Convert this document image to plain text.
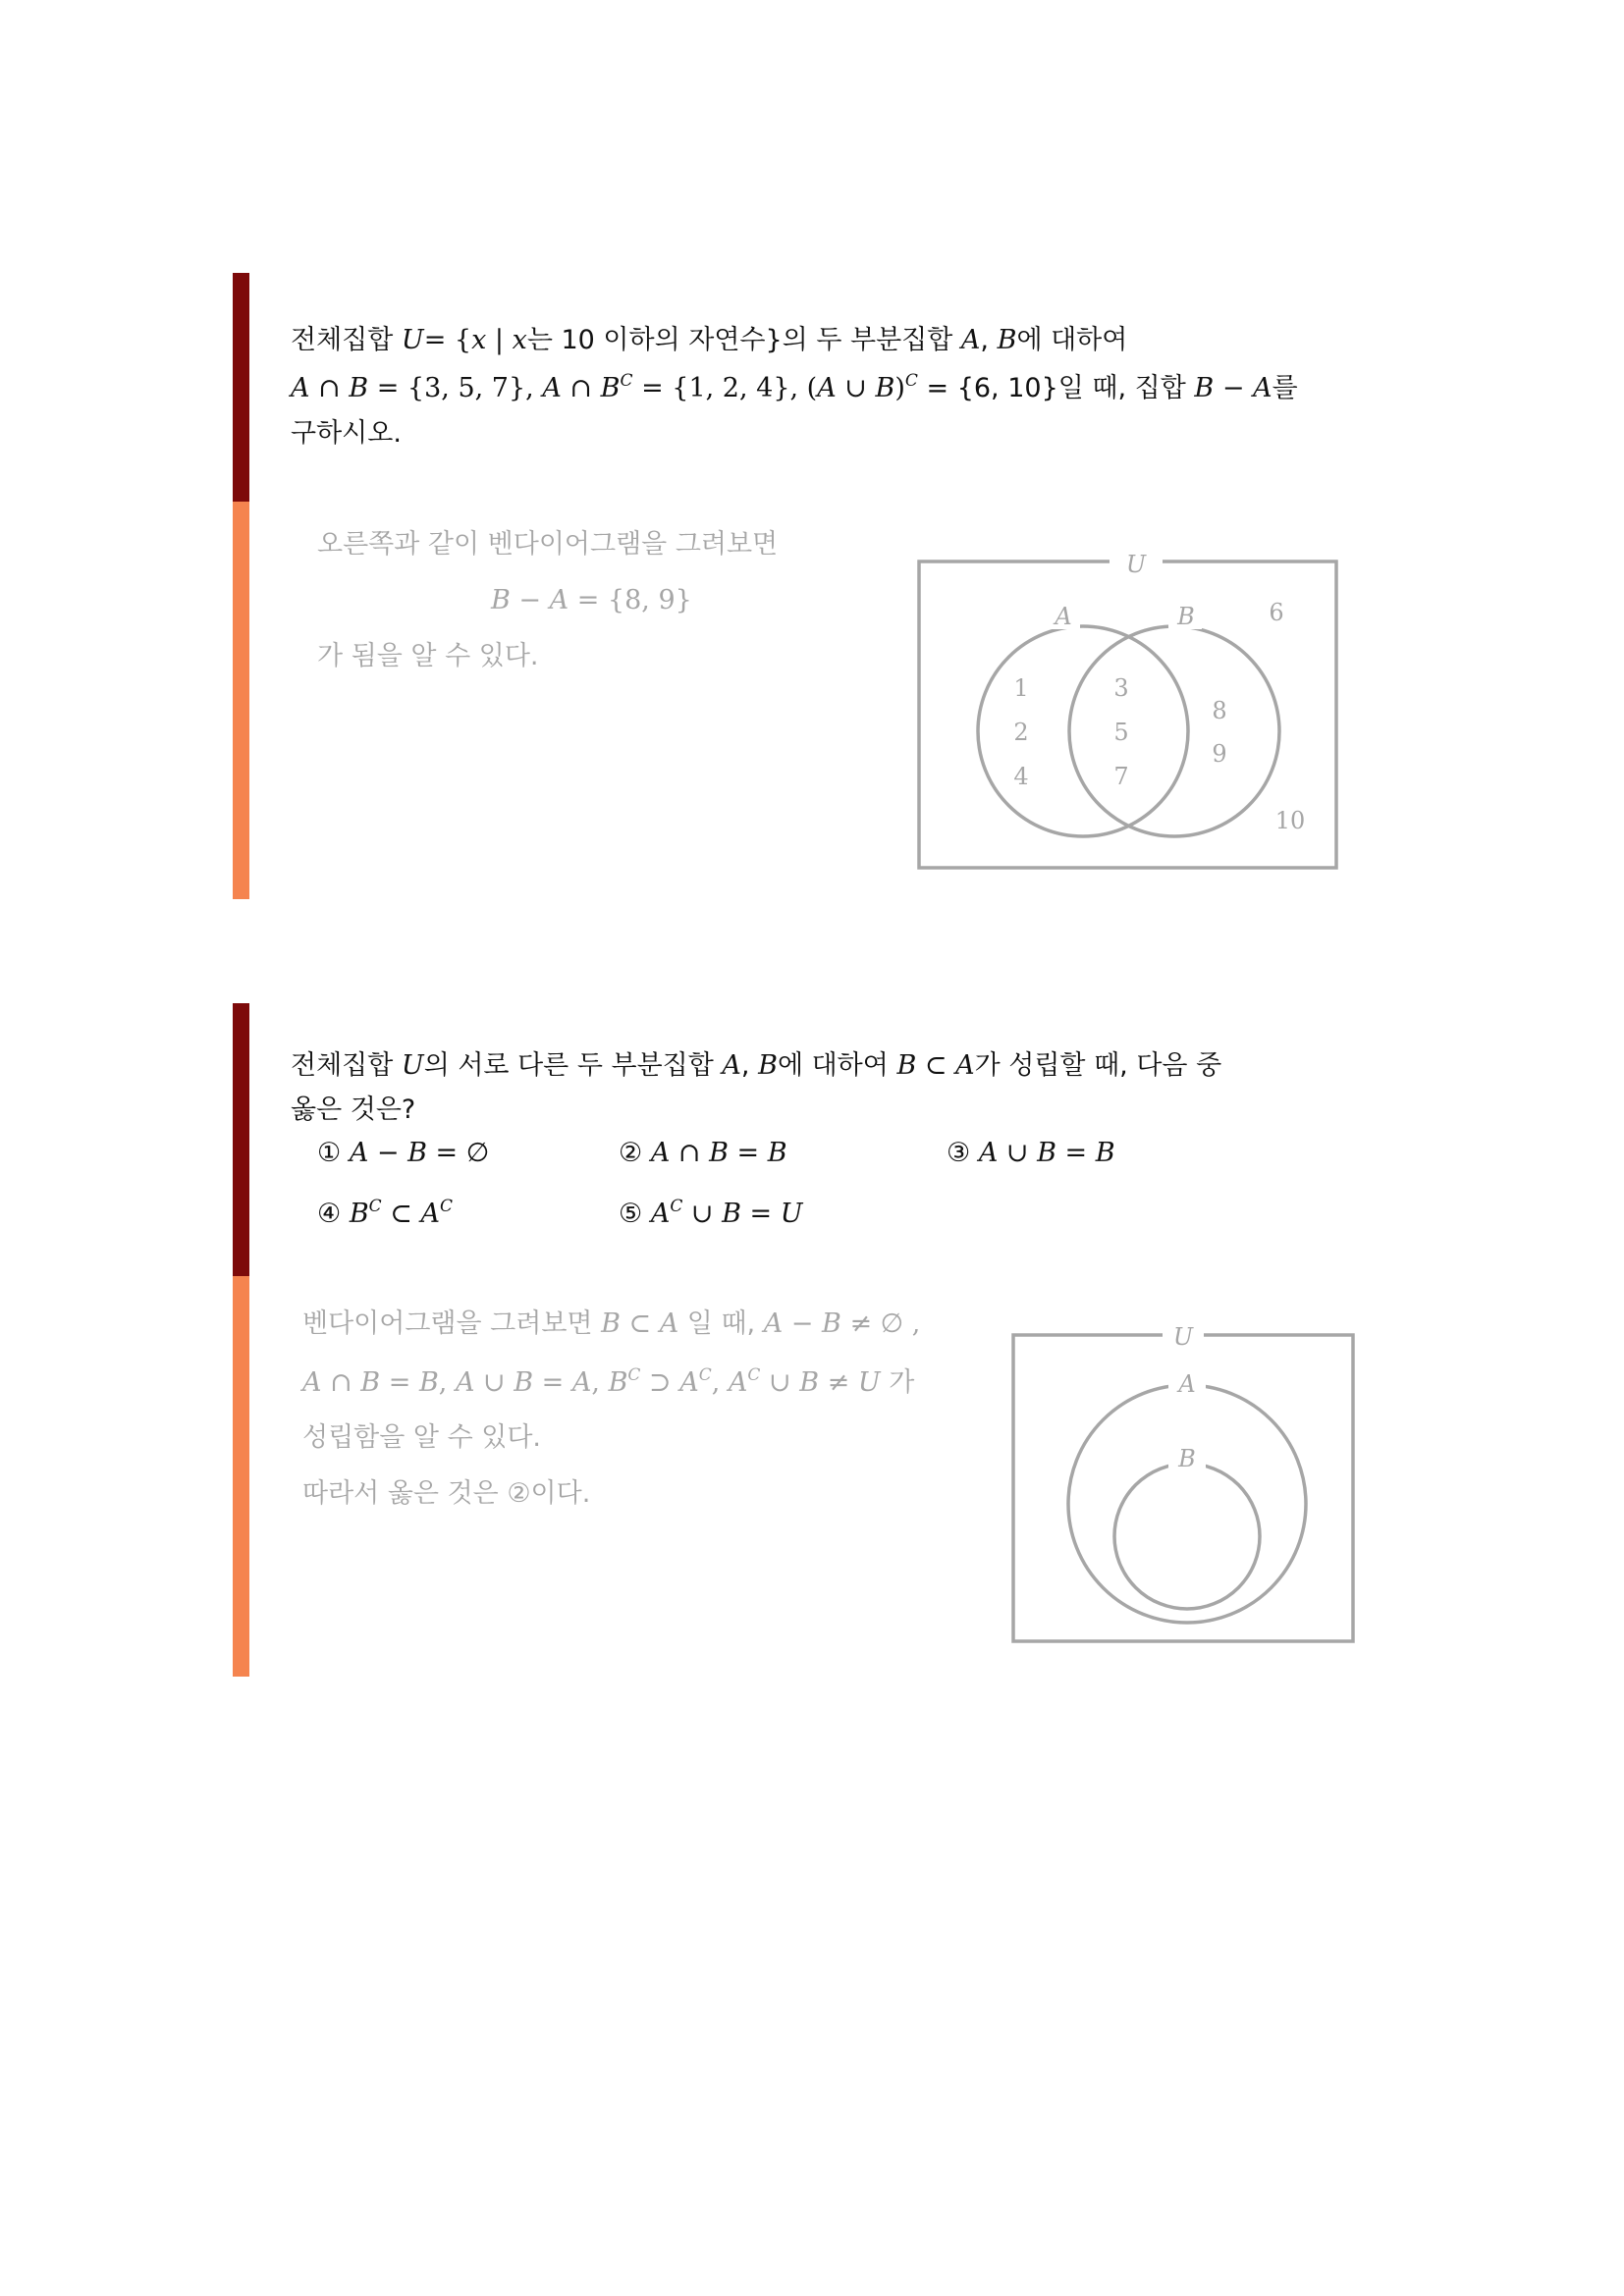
전체집합 U= {x | x는 10 이하의 자연수}의 두 부분집합 A, B에 대하여
A ∩ B = {3, 5, 7}, A ∩ $B^C = \{1$, 2, 4}, (A ∪ B)$^C$ = {6, 10}일 때, 집합 B − A를
구하시오.
오른쪽과 같이 벤다이어그램을 그려보면
B − A = {8, 9}
가 됨을 알 수 있다.
U
A	B
1
2
4
3
5
7
8
9
6
10
전체집합 U의 서로 다른 두 부분집합 A, B에 대하여 B ⊂ A가 성립할 때, 다음 중
옳은 것은?
① A − B = ∅	② A ∩ B = B	③ A ∪ B = B
④ $B^C$ ⊂ $A^C$	⑤ $A^C$ ∪ B = U
벤다이어그램을 그려보면 B ⊂ A 일 때, A − B ≠ ∅ ,
A ∩ B = B, A ∪ B = A, $B^C$ ⊃ $A^C$, $A^C$ ∪ B ≠ U 가
성립함을 알 수 있다.
따라서 옳은 것은 ②이다.
U
A
B
